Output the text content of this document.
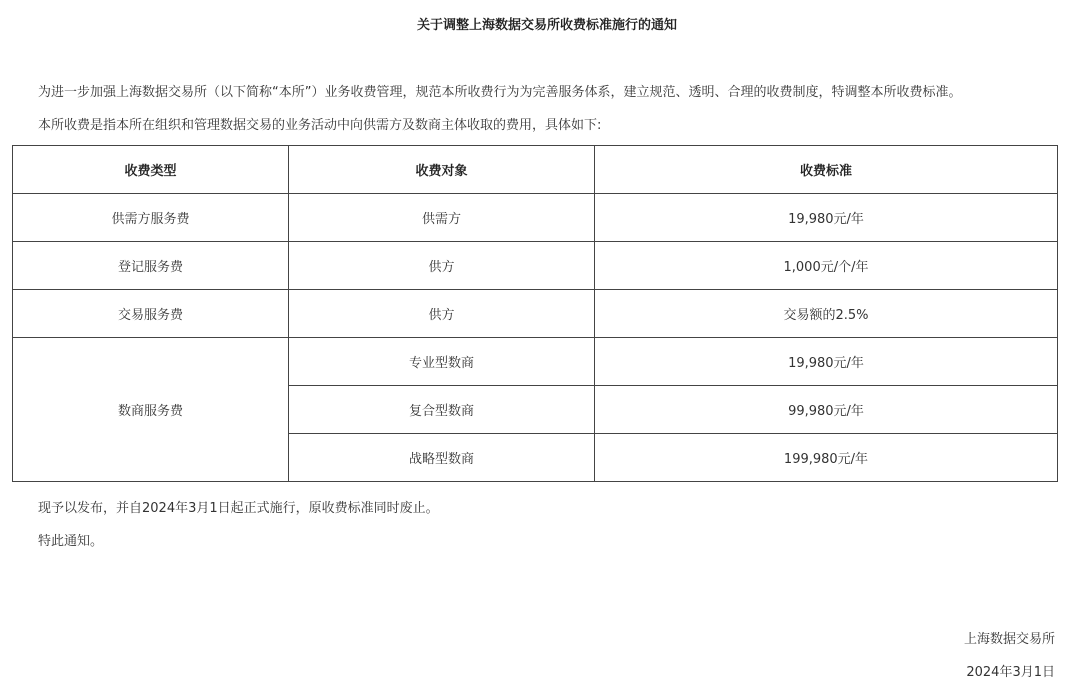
关于调整上海数据交易所收费标准施行的通知
为进一步加强上海数据交易所（以下简称“本所”）业务收费管理，规范本所收费行为为完善服务体系，建立规范、透明、合理的收费制度，特调整本所收费标准。
本所收费是指本所在组织和管理数据交易的业务活动中向供需方及数商主体收取的费用，具体如下:
收费类型	收费对象	收费标准
供需方服务费	供需方	19,980元/年
登记服务费	供方	1,000元/个/年
交易服务费	供方	交易额的2.5%
数商服务费	专业型数商	19,980元/年
	复合型数商	99,980元/年
	战略型数商	199,980元/年
现予以发布，并自2024年3月1日起正式施行，原收费标准同时废止。
特此通知。
上海数据交易所
2024年3月1日
